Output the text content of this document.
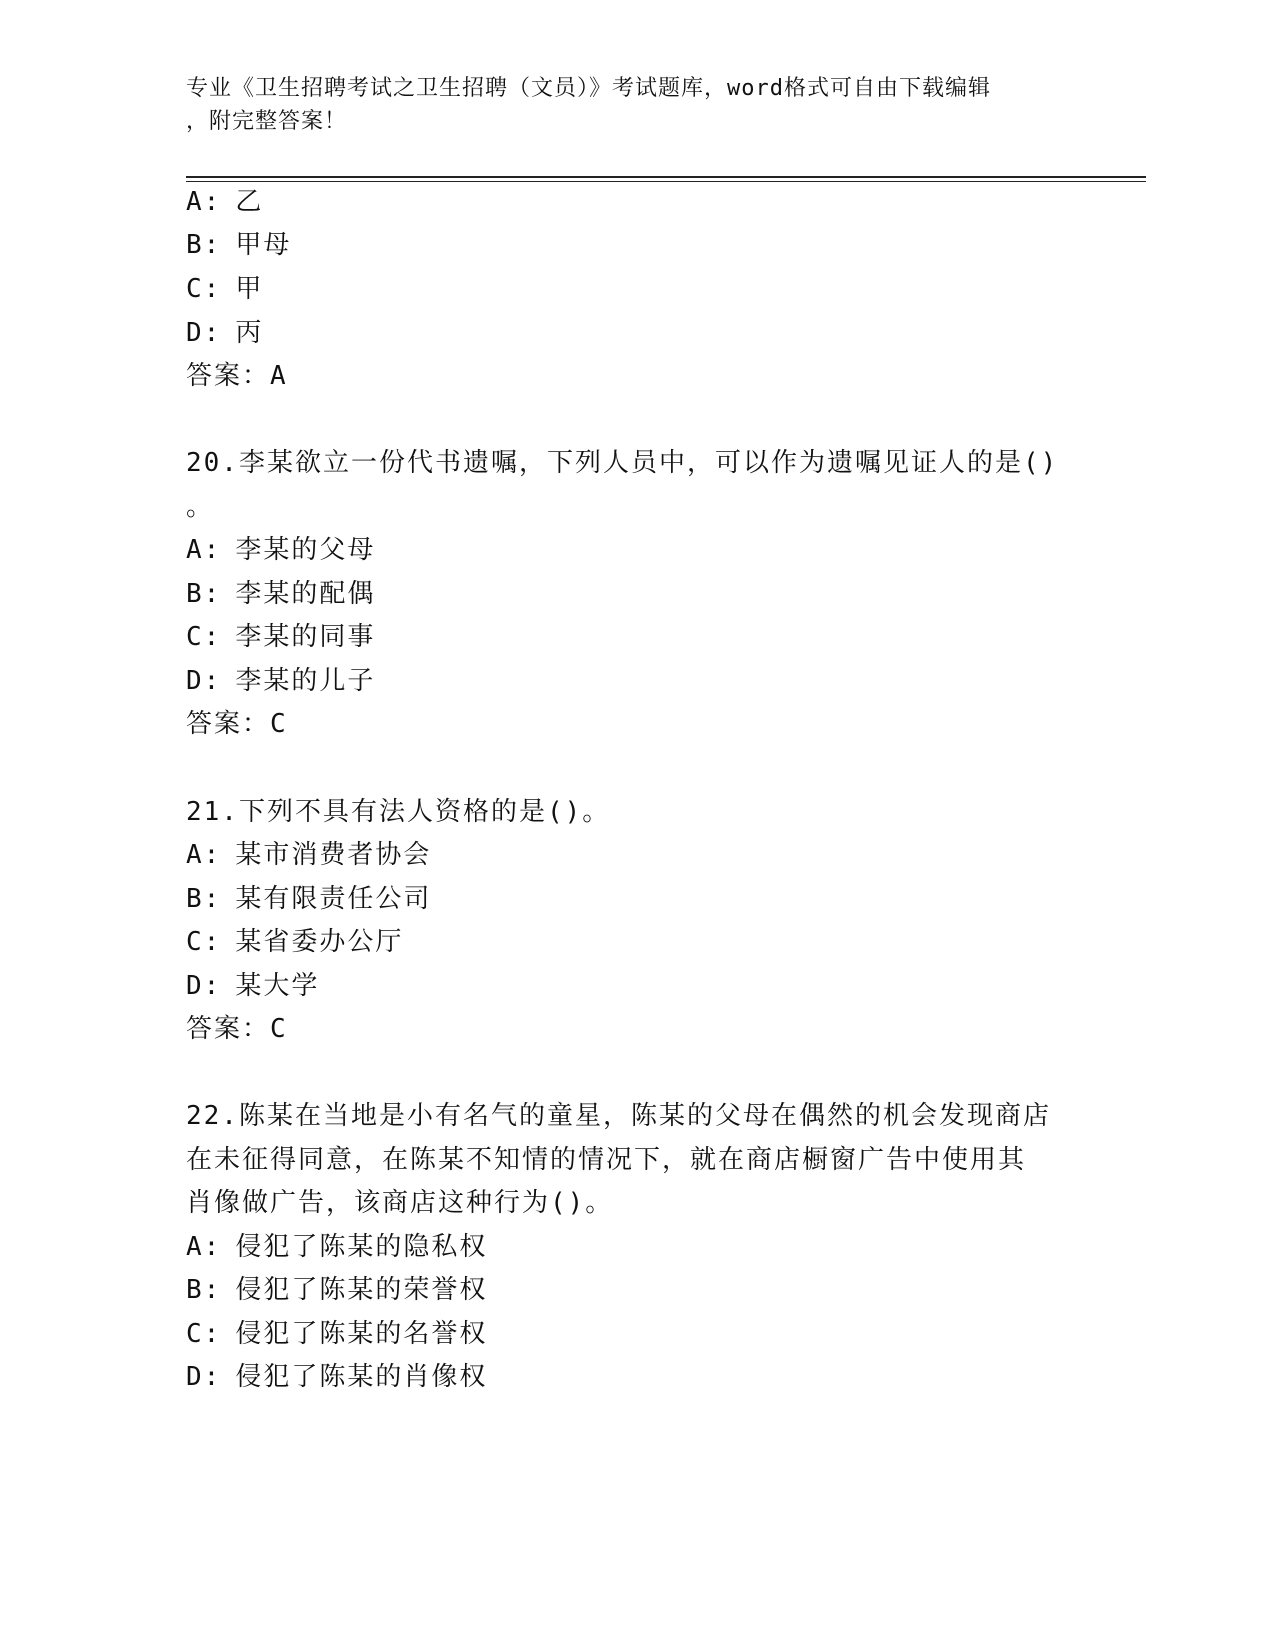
专业《卫生招聘考试之卫生招聘（文员）》考试题库，word格式可自由下载编辑
，附完整答案！
A: 乙
B: 甲母
C: 甲
D: 丙
答案：A
20.李某欲立一份代书遗嘱，下列人员中，可以作为遗嘱见证人的是()
。
A: 李某的父母
B: 李某的配偶
C: 李某的同事
D: 李某的儿子
答案：C
21.下列不具有法人资格的是()。
A: 某市消费者协会
B: 某有限责任公司
C: 某省委办公厅
D: 某大学
答案：C
22.陈某在当地是小有名气的童星，陈某的父母在偶然的机会发现商店
在未征得同意，在陈某不知情的情况下，就在商店橱窗广告中使用其
肖像做广告，该商店这种行为()。
A: 侵犯了陈某的隐私权
B: 侵犯了陈某的荣誉权
C: 侵犯了陈某的名誉权
D: 侵犯了陈某的肖像权
